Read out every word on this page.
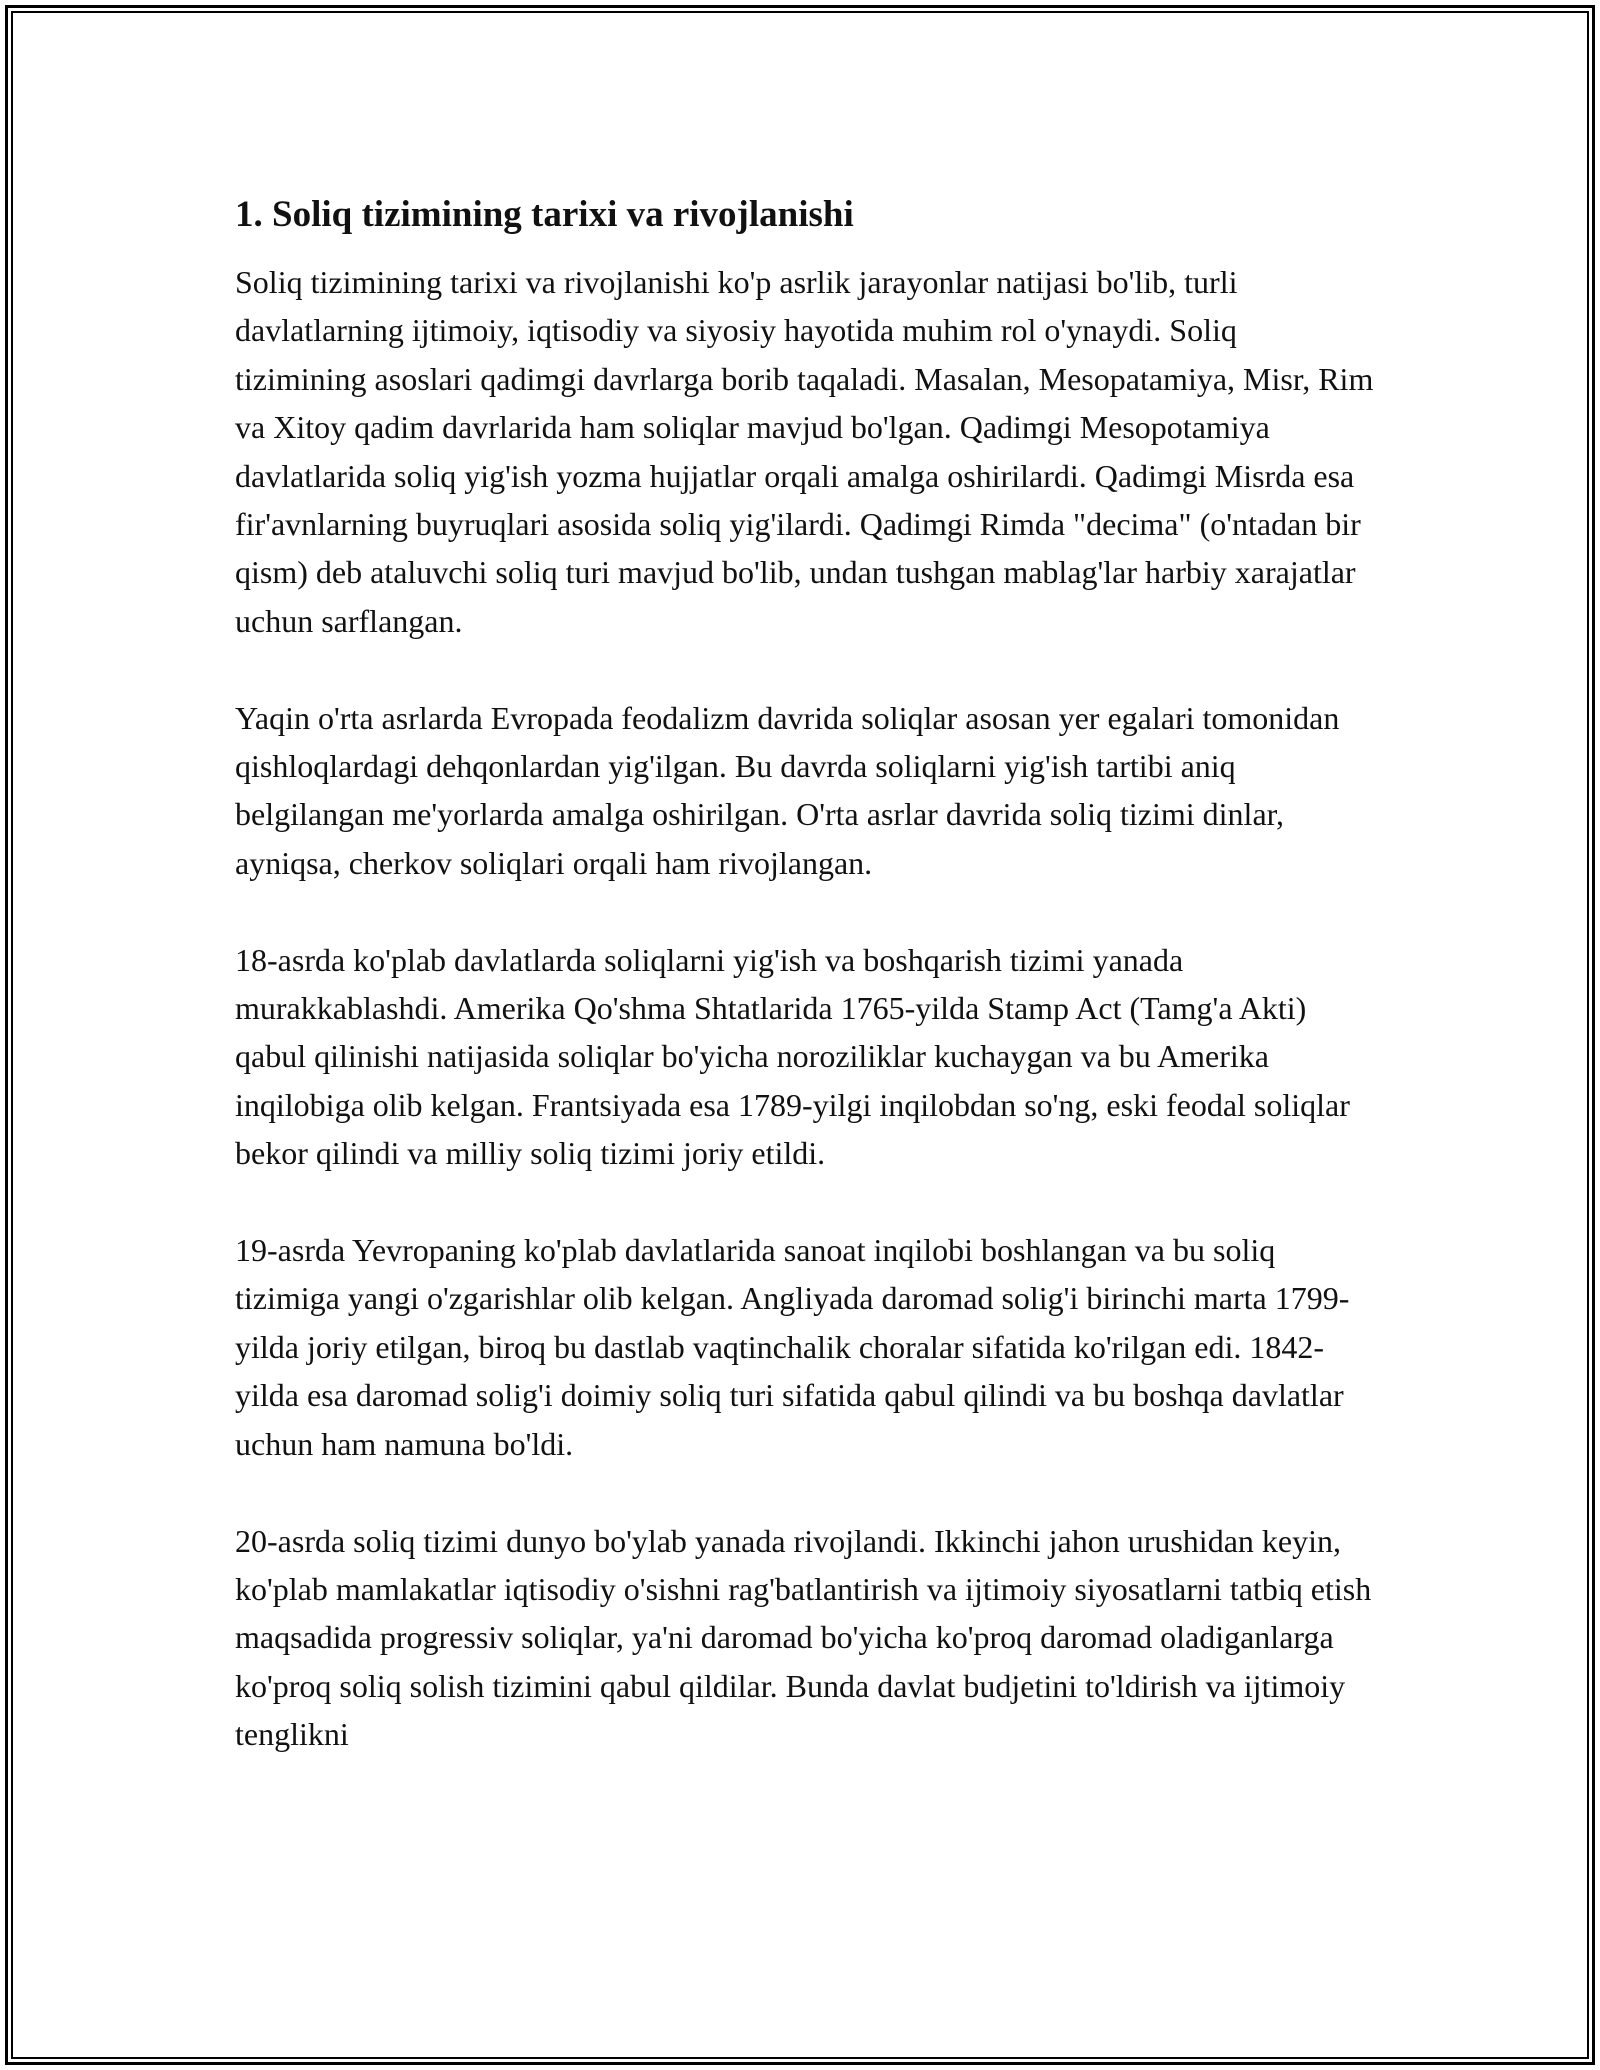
1. Soliq tizimining tarixi va rivojlanishi

Soliq tizimining tarixi va rivojlanishi ko'p asrlik jarayonlar natijasi bo'lib, turli davlatlarning ijtimoiy, iqtisodiy va siyosiy hayotida muhim rol o'ynaydi. Soliq tizimining asoslari qadimgi davrlarga borib taqaladi. Masalan, Mesopatamiya, Misr, Rim va Xitoy qadim davrlarida ham soliqlar mavjud bo'lgan. Qadimgi Mesopotamiya davlatlarida soliq yig'ish yozma hujjatlar orqali amalga oshirilardi. Qadimgi Misrda esa fir'avnlarning buyruqlari asosida soliq yig'ilardi. Qadimgi Rimda "decima" (o'ntadan bir qism) deb ataluvchi soliq turi mavjud bo'lib, undan tushgan mablag'lar harbiy xarajatlar uchun sarflangan.

Yaqin o'rta asrlarda Evropada feodalizm davrida soliqlar asosan yer egalari tomonidan qishloqlardagi dehqonlardan yig'ilgan. Bu davrda soliqlarni yig'ish tartibi aniq belgilangan me'yorlarda amalga oshirilgan. O'rta asrlar davrida soliq tizimi dinlar, ayniqsa, cherkov soliqlari orqali ham rivojlangan.

18-asrda ko'plab davlatlarda soliqlarni yig'ish va boshqarish tizimi yanada murakkablashdi. Amerika Qo'shma Shtatlarida 1765-yilda Stamp Act (Tamg'a Akti) qabul qilinishi natijasida soliqlar bo'yicha noroziliklar kuchaygan va bu Amerika inqilobiga olib kelgan. Frantsiyada esa 1789-yilgi inqilobdan so'ng, eski feodal soliqlar bekor qilindi va milliy soliq tizimi joriy etildi.

19-asrda Yevropaning ko'plab davlatlarida sanoat inqilobi boshlangan va bu soliq tizimiga yangi o'zgarishlar olib kelgan. Angliyada daromad solig'i birinchi marta 1799-yilda joriy etilgan, biroq bu dastlab vaqtinchalik choralar sifatida ko'rilgan edi. 1842-yilda esa daromad solig'i doimiy soliq turi sifatida qabul qilindi va bu boshqa davlatlar uchun ham namuna bo'ldi.

20-asrda soliq tizimi dunyo bo'ylab yanada rivojlandi. Ikkinchi jahon urushidan keyin, ko'plab mamlakatlar iqtisodiy o'sishni rag'batlantirish va ijtimoiy siyosatlarni tatbiq etish maqsadida progressiv soliqlar, ya'ni daromad bo'yicha ko'proq daromad oladiganlarga ko'proq soliq solish tizimini qabul qildilar. Bunda davlat budjetini to'ldirish va ijtimoiy tenglikni
